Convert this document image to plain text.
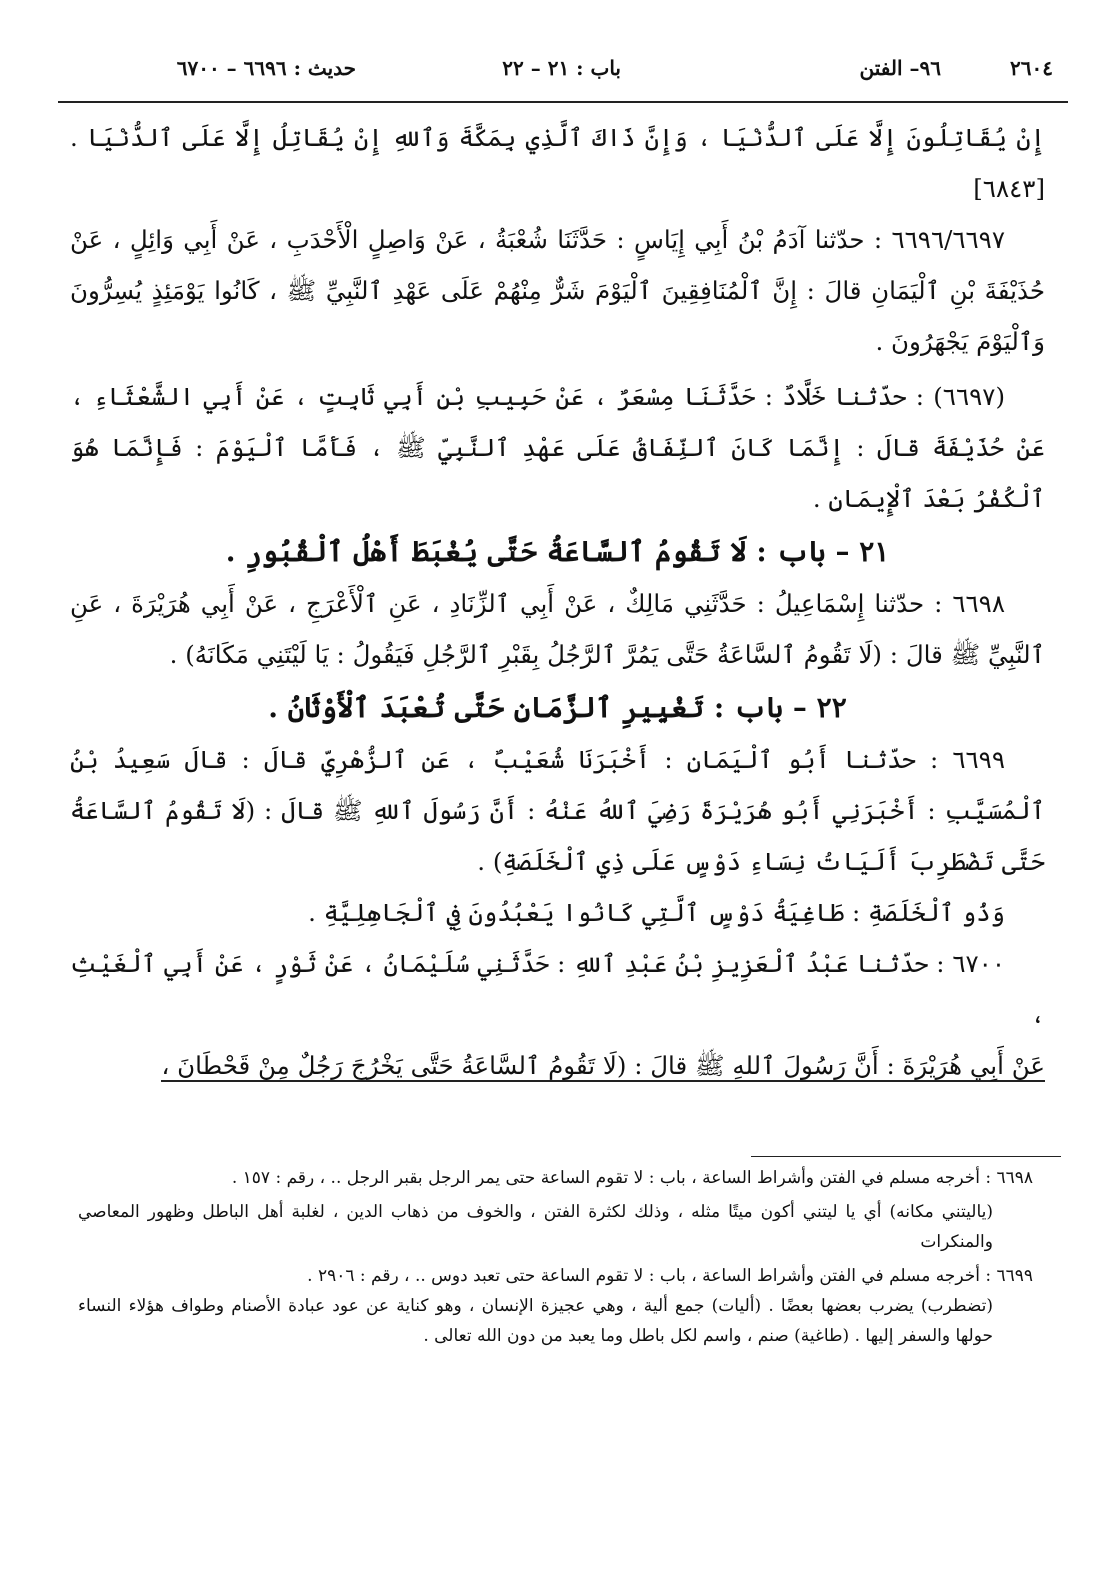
٢٦٠٤
٩٦– الفتن
باب : ٢١ – ٢٢
حديث : ٦٦٩٦ – ٦٧٠٠

إِنْ يُقَاتِلُونَ إِلَّا عَلَى ٱلدُّنْيَا ، وَإِنَّ ذَاكَ ٱلَّذِي بِمَكَّةَ وَٱللهِ إِنْ يُقَاتِلُ إِلَّا عَلَى ٱلدُّنْيَا . [٦٨٤٣]

٦٦٩٦/٦٦٩٧ : حدّثنا آدَمُ بْنُ أَبِي إِيَاسٍ : حَدَّثَنَا شُعْبَةُ ، عَنْ وَاصِلٍ الْأَحْدَبِ ، عَنْ أَبِي وَائِلٍ ، عَنْ حُذَيْفَةَ بْنِ ٱلْيَمَانِ قالَ : إِنَّ ٱلْمُنَافِقِينَ ٱلْيَوْمَ شَرٌّ مِنْهُمْ عَلَى عَهْدِ ٱلنَّبِيِّ ﷺ ، كَانُوا يَوْمَئِذٍ يُسِرُّونَ وَٱلْيَوْمَ يَجْهَرُونَ .

(٦٦٩٧) : حدّثنا خَلَّادٌ : حَدَّثَنَا مِسْعَرٌ ، عَنْ حَبِيبِ بْنِ أَبِي ثَابِتٍ ، عَنْ أَبِي الشَّعْثَاءِ ، عَنْ حُذَيْفَةَ قالَ : إِنَّمَا كَانَ ٱلنِّفَاقُ عَلَى عَهْدِ ٱلنَّبِيِّ ﷺ ، فَأَمَّا ٱلْيَوْمَ : فَإِنَّمَا هُوَ ٱلْكُفْرُ بَعْدَ ٱلْإِيمَانِ .

٢١ – باب : لَا تَقُومُ ٱلسَّاعَةُ حَتَّى يُغْبَطَ أَهْلُ ٱلْقُبُورِ .

٦٦٩٨ : حدّثنا إِسْمَاعِيلُ : حَدَّثَنِي مَالِكٌ ، عَنْ أَبِي ٱلزِّنَادِ ، عَنِ ٱلْأَعْرَجِ ، عَنْ أَبِي هُرَيْرَةَ ، عَنِ ٱلنَّبِيِّ ﷺ قالَ : (لَا تَقُومُ ٱلسَّاعَةُ حَتَّى يَمُرَّ ٱلرَّجُلُ بِقَبْرِ ٱلرَّجُلِ فَيَقُولُ : يَا لَيْتَنِي مَكَانَهُ) .

٢٢ – باب : تَغْيِيرِ ٱلزَّمَانِ حَتَّى تُعْبَدَ ٱلْأَوْثَانُ .

٦٦٩٩ : حدّثنا أَبُو ٱلْيَمَانِ : أَخْبَرَنَا شُعَيْبٌ ، عَنِ ٱلزُّهْرِيِّ قالَ : قالَ سَعِيدُ بْنُ ٱلْمُسَيَّبِ : أَخْبَرَنِي أَبُو هُرَيْرَةَ رَضِيَ ٱللهُ عَنْهُ : أَنَّ رَسُولَ ٱللهِ ﷺ قالَ : (لَا تَقُومُ ٱلسَّاعَةُ حَتَّى تَضْطَرِبَ أَلَيَاتُ نِسَاءِ دَوْسٍ عَلَى ذِي ٱلْخَلَصَةِ) .

وَذُو ٱلْخَلَصَةِ : طَاغِيَةُ دَوْسٍ ٱلَّتِي كَانُوا يَعْبُدُونَ فِي ٱلْجَاهِلِيَّةِ .

٦٧٠٠ : حدّثنا عَبْدُ ٱلْعَزِيزِ بْنُ عَبْدِ ٱللهِ : حَدَّثَنِي سُلَيْمَانُ ، عَنْ ثَوْرٍ ، عَنْ أَبِي ٱلْغَيْثِ ،

عَنْ أَبِي هُرَيْرَةَ : أَنَّ رَسُولَ ٱللهِ ﷺ قالَ : (لَا تَقُومُ ٱلسَّاعَةُ حَتَّى يَخْرُجَ رَجُلٌ مِنْ قَحْطَانَ ،

٦٦٩٨ : أخرجه مسلم في الفتن وأشراط الساعة ، باب : لا تقوم الساعة حتى يمر الرجل بقبر الرجل .. ، رقم : ١٥٧ .

(ياليتني مكانه) أي يا ليتني أكون ميتًا مثله ، وذلك لكثرة الفتن ، والخوف من ذهاب الدين ، لغلبة أهل الباطل وظهور المعاصي والمنكرات

٦٦٩٩ : أخرجه مسلم في الفتن وأشراط الساعة ، باب : لا تقوم الساعة حتى تعبد دوس .. ، رقم : ٢٩٠٦ .

(تضطرب) يضرب بعضها بعضًا . (أليات) جمع ألية ، وهي عجيزة الإنسان ، وهو كناية عن عود عبادة الأصنام وطواف هؤلاء النساء حولها والسفر إليها . (طاغية) صنم ، واسم لكل باطل وما يعبد من دون الله تعالى .
